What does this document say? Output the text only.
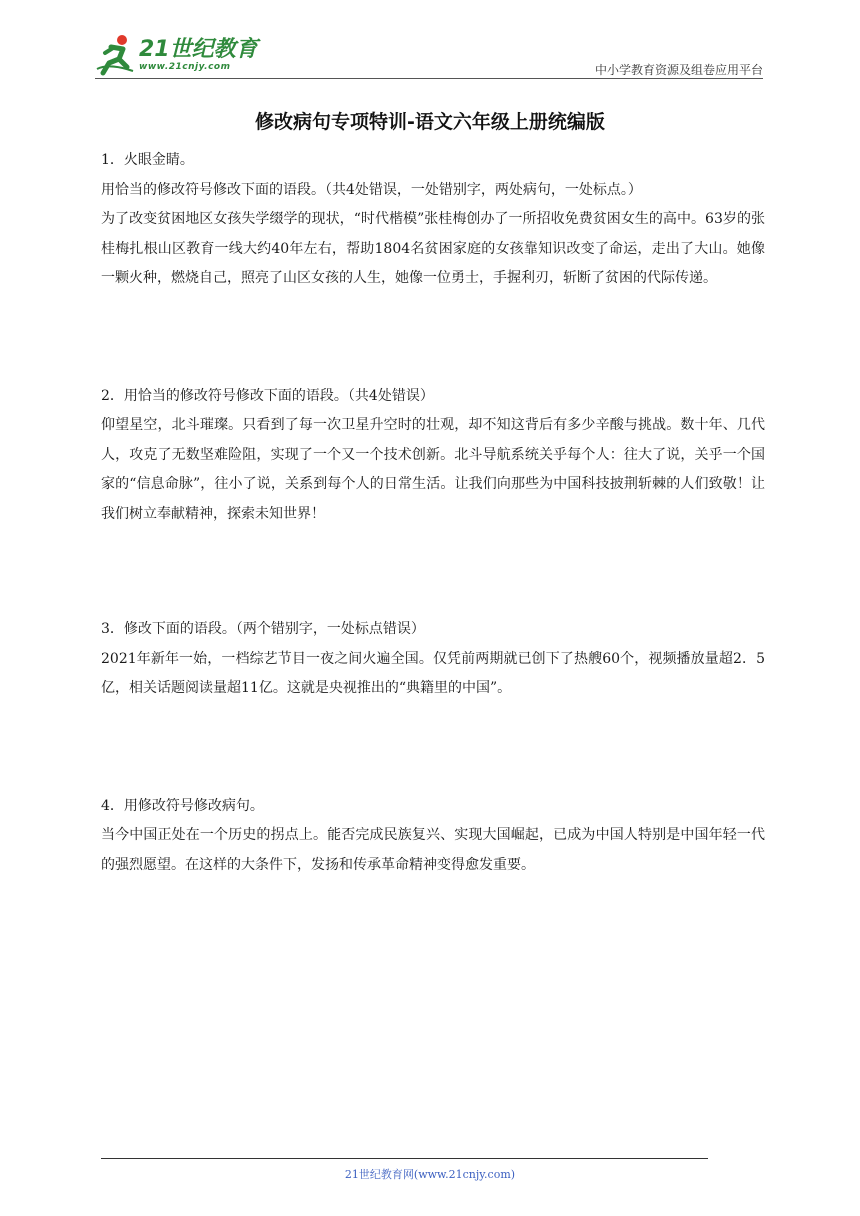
21世纪教育
www.21cnjy.com	中小学教育资源及组卷应用平台
修改病句专项特训-语文六年级上册统编版

1．火眼金睛。

用恰当的修改符号修改下面的语段。（共4处错误，一处错别字，两处病句，一处标点。）

为了改变贫困地区女孩失学缀学的现状，“时代楷模”张桂梅创办了一所招收免费贫困女生的高中。63岁的张桂梅扎根山区教育一线大约40年左右，帮助1804名贫困家庭的女孩靠知识改变了命运，走出了大山。她像一颗火种，燃烧自己，照亮了山区女孩的人生，她像一位勇士，手握利刃，斩断了贫困的代际传递。

2．用恰当的修改符号修改下面的语段。（共4处错误）

仰望星空，北斗璀璨。只看到了每一次卫星升空时的壮观，却不知这背后有多少辛酸与挑战。数十年、几代人，攻克了无数坚难险阻，实现了一个又一个技术创新。北斗导航系统关乎每个人：往大了说，关乎一个国家的“信息命脉”，往小了说，关系到每个人的日常生活。让我们向那些为中国科技披荆斩棘的人们致敬！让我们树立奉献精神，探索未知世界！

3．修改下面的语段。（两个错别字，一处标点错误）

2021年新年一始，一档综艺节目一夜之间火遍全国。仅凭前两期就已创下了热艘60个，视频播放量超2．5亿，相关话题阅读量超11亿。这就是央视推出的“典籍里的中国”。

4．用修改符号修改病句。

当今中国正处在一个历史的拐点上。能否完成民族复兴、实现大国崛起，已成为中国人特别是中国年轻一代的强烈愿望。在这样的大条件下，发扬和传承革命精神变得愈发重要。

21世纪教育网(www.21cnjy.com)
